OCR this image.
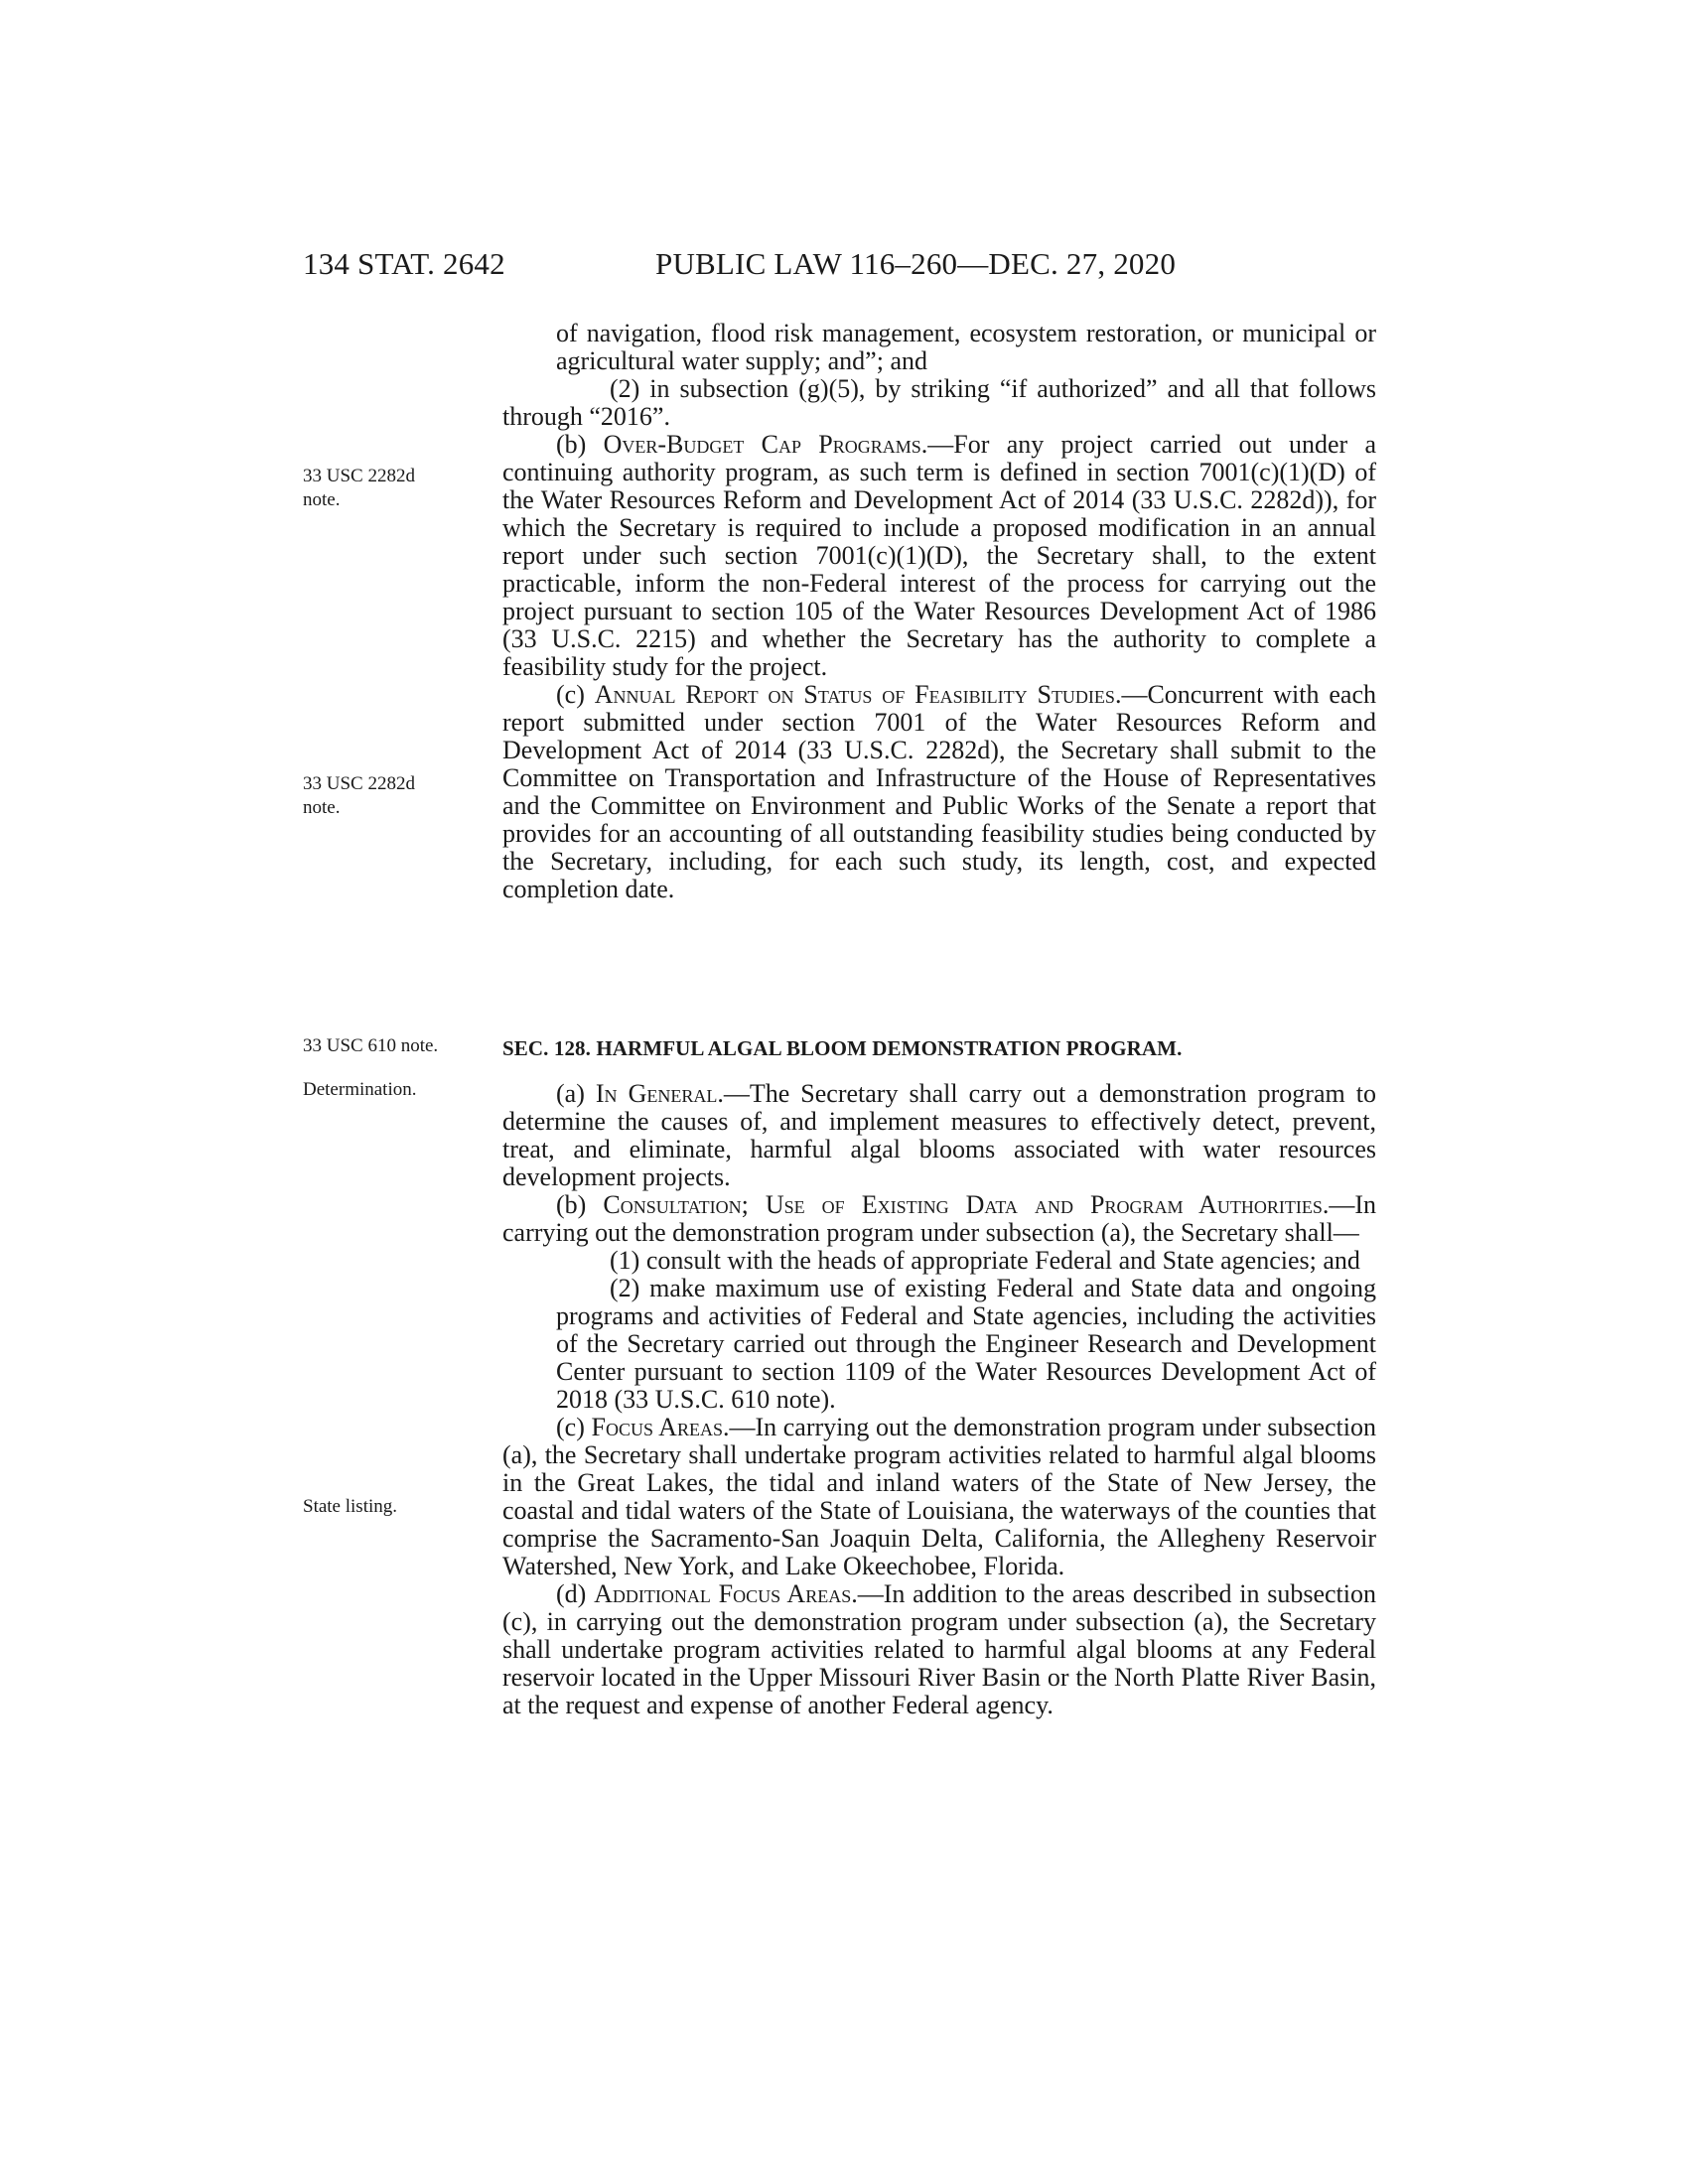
134 STAT. 2642	PUBLIC LAW 116–260—DEC. 27, 2020
33 USC 2282d note.
33 USC 2282d note.
33 USC 610 note.
Determination.
State listing.

of navigation, flood risk management, ecosystem restoration, or municipal or agricultural water supply; and”; and

(2) in subsection (g)(5), by striking “if authorized” and all that follows through “2016”.

(b) Over-Budget Cap Programs.—For any project carried out under a continuing authority program, as such term is defined in section 7001(c)(1)(D) of the Water Resources Reform and Development Act of 2014 (33 U.S.C. 2282d)), for which the Secretary is required to include a proposed modification in an annual report under such section 7001(c)(1)(D), the Secretary shall, to the extent practicable, inform the non-Federal interest of the process for carrying out the project pursuant to section 105 of the Water Resources Development Act of 1986 (33 U.S.C. 2215) and whether the Secretary has the authority to complete a feasibility study for the project.

(c) Annual Report on Status of Feasibility Studies.—Concurrent with each report submitted under section 7001 of the Water Resources Reform and Development Act of 2014 (33 U.S.C. 2282d), the Secretary shall submit to the Committee on Transportation and Infrastructure of the House of Representatives and the Committee on Environment and Public Works of the Senate a report that provides for an accounting of all outstanding feasibility studies being conducted by the Secretary, including, for each such study, its length, cost, and expected completion date.

SEC. 128. HARMFUL ALGAL BLOOM DEMONSTRATION PROGRAM.

(a) In General.—The Secretary shall carry out a demonstration program to determine the causes of, and implement measures to effectively detect, prevent, treat, and eliminate, harmful algal blooms associated with water resources development projects.

(b) Consultation; Use of Existing Data and Program Authorities.—In carrying out the demonstration program under subsection (a), the Secretary shall—

(1) consult with the heads of appropriate Federal and State agencies; and

(2) make maximum use of existing Federal and State data and ongoing programs and activities of Federal and State agencies, including the activities of the Secretary carried out through the Engineer Research and Development Center pursuant to section 1109 of the Water Resources Development Act of 2018 (33 U.S.C. 610 note).

(c) Focus Areas.—In carrying out the demonstration program under subsection (a), the Secretary shall undertake program activities related to harmful algal blooms in the Great Lakes, the tidal and inland waters of the State of New Jersey, the coastal and tidal waters of the State of Louisiana, the waterways of the counties that comprise the Sacramento-San Joaquin Delta, California, the Allegheny Reservoir Watershed, New York, and Lake Okeechobee, Florida.

(d) Additional Focus Areas.—In addition to the areas described in subsection (c), in carrying out the demonstration program under subsection (a), the Secretary shall undertake program activities related to harmful algal blooms at any Federal reservoir located in the Upper Missouri River Basin or the North Platte River Basin, at the request and expense of another Federal agency.
